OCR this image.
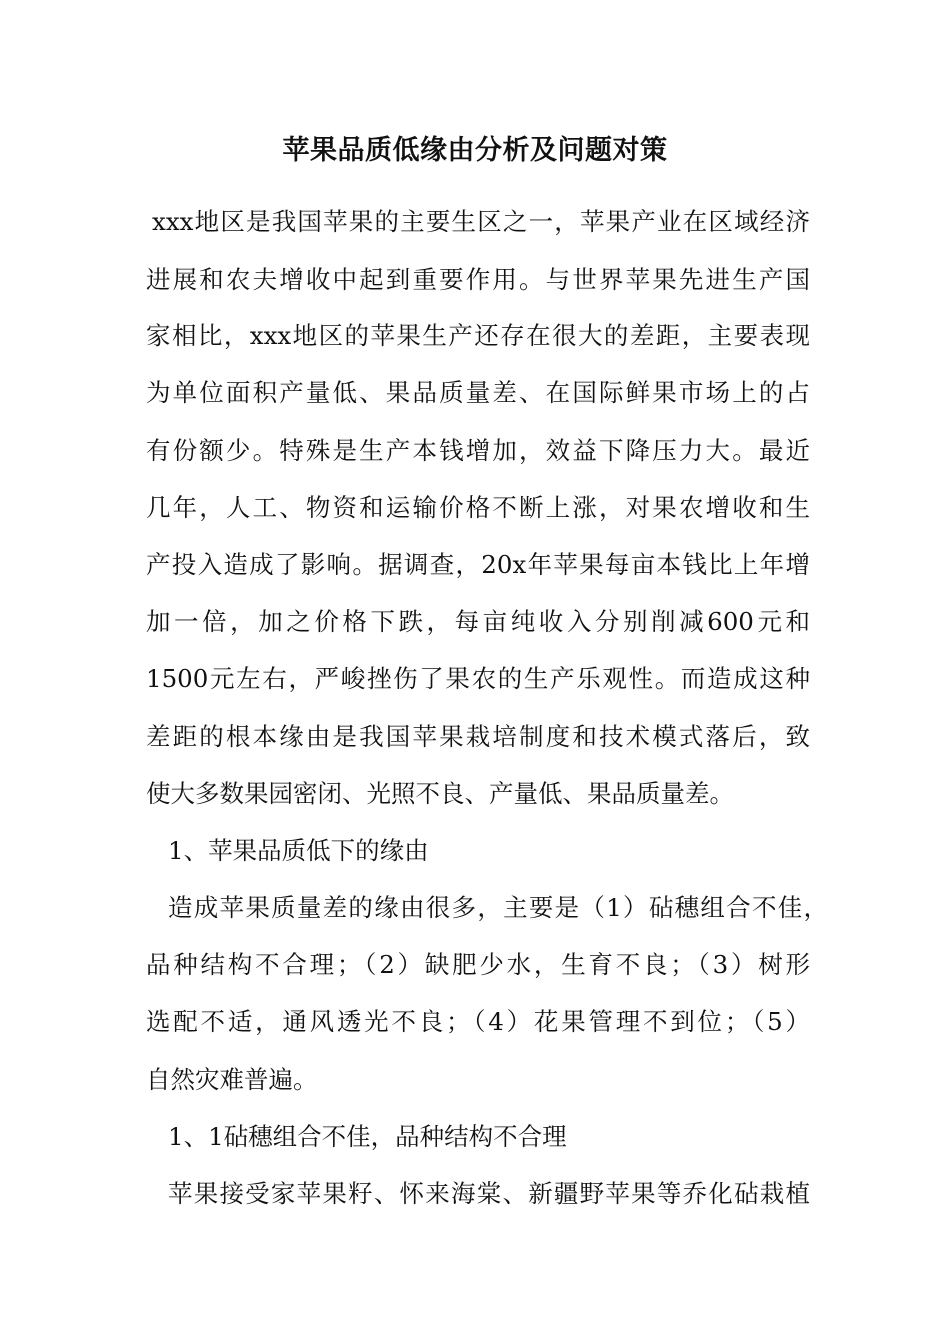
苹果品质低缘由分析及问题对策
xxx地区是我国苹果的主要生区之一，苹果产业在区域经济
进展和农夫增收中起到重要作用。与世界苹果先进生产国
家相比，xxx地区的苹果生产还存在很大的差距，主要表现
为单位面积产量低、果品质量差、在国际鲜果市场上的占
有份额少。特殊是生产本钱增加，效益下降压力大。最近
几年，人工、物资和运输价格不断上涨，对果农增收和生
产投入造成了影响。据调查，20x年苹果每亩本钱比上年增
加一倍，加之价格下跌，每亩纯收入分别削减600元和
1500元左右，严峻挫伤了果农的生产乐观性。而造成这种
差距的根本缘由是我国苹果栽培制度和技术模式落后，致
使大多数果园密闭、光照不良、产量低、果品质量差。
1、苹果品质低下的缘由
造成苹果质量差的缘由很多，主要是（1）砧穗组合不佳，
品种结构不合理；（2）缺肥少水，生育不良；（3）树形
选配不适，通风透光不良；（4）花果管理不到位；（5）
自然灾难普遍。
1、1砧穗组合不佳，品种结构不合理
苹果接受家苹果籽、怀来海棠、新疆野苹果等乔化砧栽植
